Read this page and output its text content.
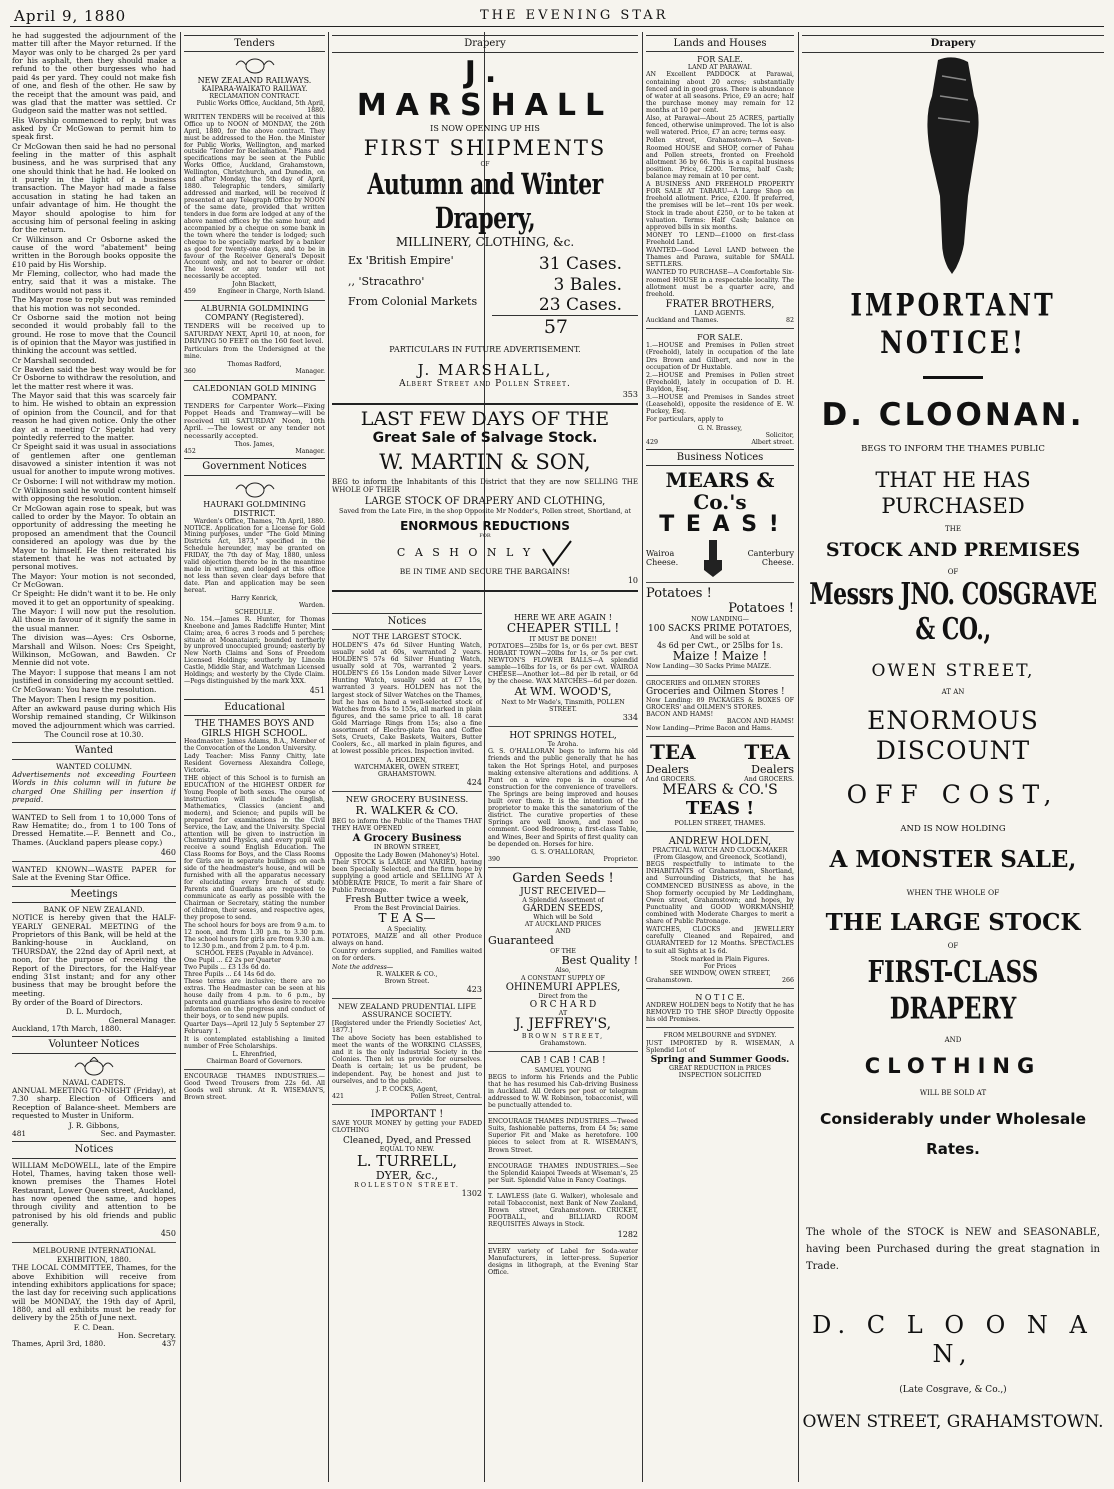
April 9, 1880	THE EVENING STAR

he had suggested the adjournment of the matter till after the Mayor returned. If the Mayor was only to be charged 2s per yard for his asphalt, then they should make a refund to the other burgesses who had paid 4s per yard. They could not make fish of one, and flesh of the other. He saw by the receipt that the amount was paid, and was glad that the matter was settled. Cr Gudgeon said the matter was not settled.

His Worship commenced to reply, but was asked by Cr McGowan to permit him to speak first.

Cr McGowan then said he had no personal feeling in the matter of this asphalt business, and he was surprised that any one should think that he had. He looked on it purely in the light of a business transaction. The Mayor had made a false accusation in stating he had taken an unfair advantage of him. He thought the Mayor should apologise to him for accusing him of personal feeling in asking for the return.

Cr Wilkinson and Cr Osborne asked the cause of the word "abatement" being written in the Borough books opposite the £10 paid by His Worship.

Mr Fleming, collector, who had made the entry, said that it was a mistake. The auditors would not pass it.

The Mayor rose to reply but was reminded that his motion was not seconded.

Cr Osborne said the motion not being seconded it would probably fall to the ground. He rose to move that the Council is of opinion that the Mayor was justified in thinking the account was settled.

Cr Marshall seconded.

Cr Bawden said the best way would be for Cr Osborne to withdraw the resolution, and let the matter rest where it was.

The Mayor said that this was scarcely fair to him. He wished to obtain an expression of opinion from the Council, and for that reason he had given notice. Only the other day at a meeting Cr Speight had very pointedly referred to the matter.

Cr Speight said it was usual in associations of gentlemen after one gentleman disavowed a sinister intention it was not usual for another to impute wrong motives.

Cr Osborne: I will not withdraw my motion.

Cr Wilkinson said he would content himself with opposing the resolution.

Cr McGowan again rose to speak, but was called to order by the Mayor. To obtain an opportunity of addressing the meeting he proposed an amendment that the Council considered an apology was due by the Mayor to himself. He then reiterated his statement that he was not actuated by personal motives.

The Mayor: Your motion is not seconded, Cr McGowan.

Cr Speight: He didn't want it to be. He only moved it to get an opportunity of speaking.

The Mayor: I will now put the resolution. All those in favour of it signify the same in the usual manner.

The division was—Ayes: Crs Osborne, Marshall and Wilson. Noes: Crs Speight, Wilkinson, McGowan, and Bawden. Cr Mennie did not vote.

The Mayor: I suppose that means I am not justified in considering my account settled.

Cr McGowan: You have the resolution.

The Mayor: Then I resign my position.

After an awkward pause during which His Worship remained standing, Cr Wilkinson moved the adjournment which was carried.

The Council rose at 10.30.

Wanted
WANTED COLUMN.

Advertisements not exceeding Fourteen Words in this column will in future be charged One Shilling per insertion if prepaid.

WANTED to Sell from 1 to 10,000 Tons of Raw Hematite; do., from 1 to 100 Tons of Dressed Hematite.—F. Bennett and Co., Thames. (Auckland papers please copy.)

460

WANTED KNOWN—WASTE PAPER for Sale at the Evening Star Office.

Meetings
BANK OF NEW ZEALAND.

NOTICE is hereby given that the HALF-YEARLY GENERAL MEETING of the Proprietors of this Bank, will be held at the Banking-house in Auckland, on THURSDAY, the 22nd day of April next, at noon, for the purpose of receiving the Report of the Directors, for the Half-year ending 31st instant; and for any other business that may be brought before the meeting.

By order of the Board of Directors.

D. L. Murdoch,
General Manager.
Auckland, 17th March, 1880.
Volunteer Notices
NAVAL CADETS.

ANNUAL MEETING TO-NIGHT (Friday), at 7.30 sharp. Election of Officers and Reception of Balance-sheet. Members are requested to Muster in Uniform.

J. R. Gibbons,
481	Sec. and Paymaster.
Notices

WILLIAM McDOWELL, late of the Empire Hotel, Thames, having taken those well-known premises the Thames Hotel Restaurant, Lower Queen street, Auckland, has now opened the same, and hopes through civility and attention to be patronised by his old friends and public generally.

450
MELBOURNE INTERNATIONAL EXHIBITION, 1880.

THE LOCAL COMMITTEE, Thames, for the above Exhibition will receive from intending exhibitors applications for space; the last day for receiving such applications will be MONDAY, the 19th day of April, 1880, and all exhibits must be ready for delivery by the 25th of June next.

F. C. Dean.
Hon. Secretary.
Thames, April 3rd, 1880.	437
Tenders
NEW ZEALAND RAILWAYS.
KAIPARA-WAIKATO RAILWAY.
RECLAMATION CONTRACT.
Public Works Office, Auckland, 5th April, 1880.

WRITTEN TENDERS will be received at this Office up to NOON of MONDAY, the 26th April, 1880, for the above contract. They must be addressed to the Hon. the Minister for Public Works, Wellington, and marked outside "Tender for Reclamation." Plans and specifications may be seen at the Public Works Office, Auckland, Grahamstown, Wellington, Christchurch, and Dunedin, on and after Monday, the 5th day of April, 1880. Telegraphic tenders, similarly addressed and marked, will be received if presented at any Telegraph Office by NOON of the same date, provided that written tenders in due form are lodged at any of the above named offices by the same hour, and accompanied by a cheque on some bank in the town where the tender is lodged; such cheque to be specially marked by a banker as good for twenty-one days, and to be in favour of the Receiver General's Deposit Account only, and not to bearer or order. The lowest or any tender will not necessarily be accepted.

John Blackett,
459	Engineer in Charge, North Island.
ALBURNIA GOLDMINING COMPANY (Registered).

TENDERS will be received up to SATURDAY NEXT, April 10, at noon, for DRIVING 50 FEET on the 160 feet level.

Particulars from the Undersigned at the mine.

Thomas Radford,
360	Manager.
CALEDONIAN GOLD MINING COMPANY.

TENDERS for Carpenter Work—Fixing Poppet Heads and Tramway—will be received till SATURDAY Noon, 10th April. —The lowest or any tender not necessarily accepted.

Thos. James,
452	Manager.
Government Notices
HAURAKI GOLDMINING DISTRICT.
Warden's Office, Thames, 7th April, 1880.

NOTICE. Application for a License for Gold Mining purposes, under "The Gold Mining Districts Act, 1873," specified in the Schedule hereunder, may be granted on FRIDAY, the 7th day of May, 1880, unless valid objection thereto be in the meantime made in writing, and lodged at this office not less than seven clear days before that date. Plan and application may be seen hereat.

Harry Kenrick,
Warden.
SCHEDULE.

No. 154.—James R. Hunter, for Thomas Kneebone and James Radcliffe Hunter, Mint Claim; area, 6 acres 3 roods and 5 perches; situate at Moanataiari; bounded northerly by unproved unoccupied ground; easterly by New North Claims and Sons of Freedom Licensed Holdings; southerly by Lincoln Castle, Middle Star, and Watchman Licensed Holdings; and westerly by the Clyde Claim.—Pegs distinguished by the mark XXX.

451
Educational
THE THAMES BOYS AND GIRLS HIGH SCHOOL.

Headmaster: James Adams, B.A., Member of the Convocation of the London University.

Lady Teacher: Miss Fanny Chitty, late Resident Governess Alexandra College, Victoria.

THE object of this School is to furnish an EDUCATION of the HIGHEST ORDER for Young People of both sexes. The course of instruction will include English, Mathematics, Classics (ancient and modern), and Science; and pupils will be prepared for examinations in the Civil Service, the Law, and the University. Special attention will be given to instruction in Chemistry and Physics, and every pupil will receive a sound English Education. The Class Rooms for Boys, and the Class Rooms for Girls are in separate buildings on each side of the headmaster's house, and will be furnished with all the apparatus necessary for elucidating every branch of study. Parents and Guardians are requested to communicate as early as possible with the Chairman or Secretary, stating the number of children, their sexes, and respective ages, they propose to send.

The school hours for boys are from 9 a.m. to 12 noon, and from 1.30 p.m. to 3.30 p.m. The school hours for girls are from 9.30 a.m. to 12.30 p.m., and from 2 p.m. to 4 p.m.

SCHOOL FEES (Payable in Advance).
One Pupil ... £2 2s per Quarter
Two Pupils ... £3 13s 6d do.
Three Pupils ... £4 14s 6d do.

These terms are inclusive; there are no extras. The Headmaster can be seen at his house daily from 4 p.m. to 6 p.m., by parents and guardians who desire to receive information on the progress and conduct of their boys, or to send new pupils.

Quarter Days—April 12 July 5 September 27 February 1.

It is contemplated establishing a limited number of Free Scholarships.

L. Ehrenfried,
Chairman Board of Governors.

ENCOURAGE THAMES INDUSTRIES.—Good Tweed Trousers from 22s 6d. All Goods well shrunk. At R. WISEMAN'S, Brown street.

Drapery
J. MARSHALL
IS NOW OPENING UP HIS
FIRST SHIPMENTS
OF
Autumn and Winter Drapery,
MILLINERY, CLOTHING, &c.
Ex 'British Empire'	31 Cases.
,, 'Stracathro'	3 Bales.
From Colonial Markets	23 Cases.
57
PARTICULARS IN FUTURE ADVERTISEMENT.
J. MARSHALL,
Albert Street and Pollen Street.
353
LAST FEW DAYS OF THE
Great Sale of Salvage Stock.
W. MARTIN & SON,

BEG to inform the Inhabitants of this District that they are now SELLING THE WHOLE OF THEIR

LARGE STOCK OF DRAPERY AND CLOTHING,
Saved from the Late Fire, in the shop Opposite Mr Nodder's, Pollen street, Shortland, at
ENORMOUS REDUCTIONS
FOR
C A S H O N L Y
BE IN TIME AND SECURE THE BARGAINS!
10
Notices
NOT THE LARGEST STOCK.

HOLDEN'S 47s 6d Silver Hunting Watch, usually sold at 60s, warranted 2 years. HOLDEN'S 57s 6d Silver Hunting Watch, usually sold at 70s, warranted 2 years. HOLDEN'S £6 15s London made Silver Lever Hunting Watch, usually sold at £7 15s, warranted 3 years. HOLDEN has not the largest stock of Silver Watches on the Thames, but he has on hand a well-selected stock of Watches from 45s to 155s, all marked in plain figures, and the same price to all. 18 carat Gold Marriage Rings from 15s; also a fine assortment of Electro-plate Tea and Coffee Sets, Cruets, Cake Baskets, Waiters, Butter Coolers, &c., all marked in plain figures, and at lowest possible prices. Inspection invited.

A. HOLDEN,
WATCHMAKER, OWEN STREET, GRAHAMSTOWN.
424
NEW GROCERY BUSINESS.
R. WALKER & CO.

BEG to inform the Public of the Thames THAT THEY HAVE OPENED

A Grocery Business
IN BROWN STREET,
Opposite the Lady Bowen (Mahoney's) Hotel.

Their STOCK is LARGE and VARIED, having been Specially Selected, and the firm hope by supplying a good article and SELLING AT A MODERATE PRICE, To merit a fair Share of Public Patronage.

Fresh Butter twice a week,
From the Best Provincial Dairies.
T E A S—
A Speciality.

POTATOES, MAIZE and all other Produce always on hand.

Country orders supplied, and Families waited on for orders.

Note the address—
R. WALKER & CO.,
Brown Street.
423
NEW ZEALAND PRUDENTIAL LIFE ASSURANCE SOCIETY.

[Registered under the Friendly Societies' Act, 1877.]

The above Society has been established to meet the wants of the WORKING CLASSES, and it is the only Industrial Society in the Colonies. Then let us provide for ourselves. Death is certain; let us be prudent, be independent. Pay, be honest and just to ourselves, and to the public.

J. P. COCKS, Agent,
421	Pollen Street, Central.
IMPORTANT !

SAVE YOUR MONEY by getting your FADED CLOTHING

Cleaned, Dyed, and Pressed
EQUAL TO NEW.
L. TURRELL,
DYER, &c.,
ROLLESTON STREET.
1302
HERE WE ARE AGAIN !
CHEAPER STILL !
IT MUST BE DONE!!

POTATOES—25lbs for 1s, or 6s per cwt. BEST HOBART TOWN—20lbs for 1s, or 5s per cwt. NEWTON'S FLOWER BALLS—A splendid sample—16lbs for 1s, or 6s per cwt. WAIROA CHEESE—Another lot—8d per lb retail, or 6d by the cheese. WAX MATCHES—6d per dozen.

At WM. WOOD'S,
Next to Mr Wade's, Tinsmith, POLLEN STREET.
334
HOT SPRINGS HOTEL,
Te Aroha.

G. S. O'HALLORAN begs to inform his old friends and the public generally that he has taken the Hot Springs Hotel, and purposes making extensive alterations and additions. A Punt on a wire rope is in course of construction for the convenience of travellers. The Springs are being improved and houses built over them. It is the intention of the proprietor to make this the sanatorium of the district. The curative properties of these Springs are well known, and need no comment. Good Bedrooms; a first-class Table, and Wines, Beer and Spirits of first quality can be depended on. Horses for hire.

G. S. O'HALLORAN,
390	Proprietor.
Garden Seeds !
JUST RECEIVED—
A Splendid Assortment of
GARDEN SEEDS,
Which will be Sold
AT AUCKLAND PRICES
AND
Guaranteed
OF THE
Best Quality !
Also,
A CONSTANT SUPPLY OF
OHINEMURI APPLES,
Direct from the
O R C H A R D
AT
J. JEFFREY'S,
BROWN STREET,
Grahamstown.
CAB ! CAB ! CAB !
SAMUEL YOUNG

BEGS to inform his Friends and the Public that he has resumed his Cab-driving Business in Auckland. All Orders per post or telegram addressed to W. W. Robinson, tobacconist, will be punctually attended to.

ENCOURAGE THAMES INDUSTRIES.—Tweed Suits, fashionable patterns, from £4 5s; same Superior Fit and Make as heretofore. 100 pieces to select from at R. WISEMAN'S, Brown Street.

ENCOURAGE THAMES INDUSTRIES.—See the Splendid Kaiapoi Tweeds at Wiseman's, 25 per Suit. Splendid Value in Fancy Coatings.

T. LAWLESS (late G. Walker), wholesale and retail Tobacconist, next Bank of New Zealand, Brown street, Grahamstown. CRICKET, FOOTBALL, and BILLIARD ROOM REQUISITES Always in Stock.

1282

EVERY variety of Label for Soda-water Manufacturers, in letter-press. Superior designs in lithograph, at the Evening Star Office.

Lands and Houses
FOR SALE.
LAND AT PARAWAI.

AN Excellent PADDOCK at Parawai, containing about 20 acres; substantially fenced and in good grass. There is abundance of water at all seasons. Price, £9 an acre; half the purchase money may remain for 12 months at 10 per cent.

Also, at Parawai—About 25 ACRES, partially fenced, otherwise unimproved. The lot is also well watered. Price, £7 an acre; terms easy.

Pollen street, Grahamstown—A Seven-Roomed HOUSE and SHOP, corner of Pahau and Pollen streets, fronted on Freehold allotment 36 by 66. This is a capital business position. Price, £200. Terms, half Cash; balance may remain at 10 per cent.

A BUSINESS AND FREEHOLD PROPERTY FOR SALE AT TABARU—A Large Shop on freehold allotment. Price, £200. If preferred, the premises will be let—rent 10s per week. Stock in trade about £250, or to be taken at valuation. Terms: Half Cash; balance on approved bills in six months.

MONEY TO LEND—£1000 on first-class Freehold Land.

WANTED—Good Level LAND between the Thames and Parawa, suitable for SMALL SETTLERS.

WANTED TO PURCHASE—A Comfortable Six-roomed HOUSE in a respectable locality. The allotment must be a quarter acre, and freehold.

FRATER BROTHERS,
LAND AGENTS.
Auckland and Thames.	82
FOR SALE.

1.—HOUSE and Premises in Pollen street (Freehold), lately in occupation of the late Drs Brown and Gilbert, and now in the occupation of Dr Huxtable.

2.—HOUSE and Premises in Pollen street (Freehold), lately in occupation of D. H. Bayldon, Esq.

3.—HOUSE and Premises in Sandes street (Leasehold), opposite the residence of E. W. Puckey, Esq.

For particulars, apply to

G. N. Brassey,
Solicitor,
429	Albert street.
Business Notices
MEARS & Co.'s
T E A S !
Wairoa
Cheese.
Canterbury
Cheese.
Potatoes !
Potatoes !
NOW LANDING—
100 SACKS PRIME POTATOES,
And will be sold at
4s 6d per Cwt., or 25lbs for 1s.
Maize ! Maize !
Now Landing—30 Sacks Prime MAIZE.
GROCERIES and OILMEN STORES
Groceries and Oilmen Stores !
Now Landing: 89 PACKAGES & BOXES OF GROCERS' and OILMEN'S STORES.
BACON AND HAMS!
BACON AND HAMS!
Now Landing—Prime Bacon and Hams.
TEA TEA
Dealers	Dealers
And GROCERS.	And GROCERS.
MEARS & CO.'S
TEAS !
POLLEN STREET, THAMES.
ANDREW HOLDEN,
PRACTICAL WATCH AND CLOCK-MAKER
(From Glasgow, and Greenock, Scotland),

BEGS respectfully to intimate to the INHABITANTS of Grahamstown, Shortland, and Surrounding Districts, that he has COMMENCED BUSINESS as above, in the Shop formerly occupied by Mr Leddingham, Owen street, Grahamstown; and hopes, by Punctuality and GOOD WORKMANSHIP, combined with Moderate Charges to merit a share of Public Patronage.

WATCHES, CLOCKS and JEWELLERY carefully Cleaned and Repaired, and GUARANTEED for 12 Months. SPECTACLES to suit all Sights at 1s 6d.

Stock marked in Plain Figures.
For Prices
SEE WINDOW, OWEN STREET,
Grahamstown.	266
N O T I C E.

ANDREW HOLDEN begs to Notify that he has REMOVED TO THE SHOP Directly Opposite his old Premises.

FROM MELBOURNE and SYDNEY.

JUST IMPORTED by R. WISEMAN, A Splendid Lot of

Spring and Summer Goods.
GREAT REDUCTION in PRICES
INSPECTION SOLICITED
Drapery
IMPORTANT NOTICE!
D. CLOONAN.
BEGS TO INFORM THE THAMES PUBLIC
THAT HE HAS PURCHASED
THE
STOCK AND PREMISES
OF
Messrs JNO. COSGRAVE & CO.,
OWEN STREET,
AT AN
ENORMOUS DISCOUNT
OFF COST,
AND IS NOW HOLDING
A MONSTER SALE,
WHEN THE WHOLE OF
THE LARGE STOCK
OF
FIRST-CLASS DRAPERY
AND
CLOTHING
WILL BE SOLD AT
Considerably under Wholesale
Rates.

The whole of the STOCK is NEW and SEASONABLE, having been Purchased during the great stagnation in Trade.

D. C L O O N A N,
(Late Cosgrave, & Co.,)
OWEN STREET, GRAHAMSTOWN.
